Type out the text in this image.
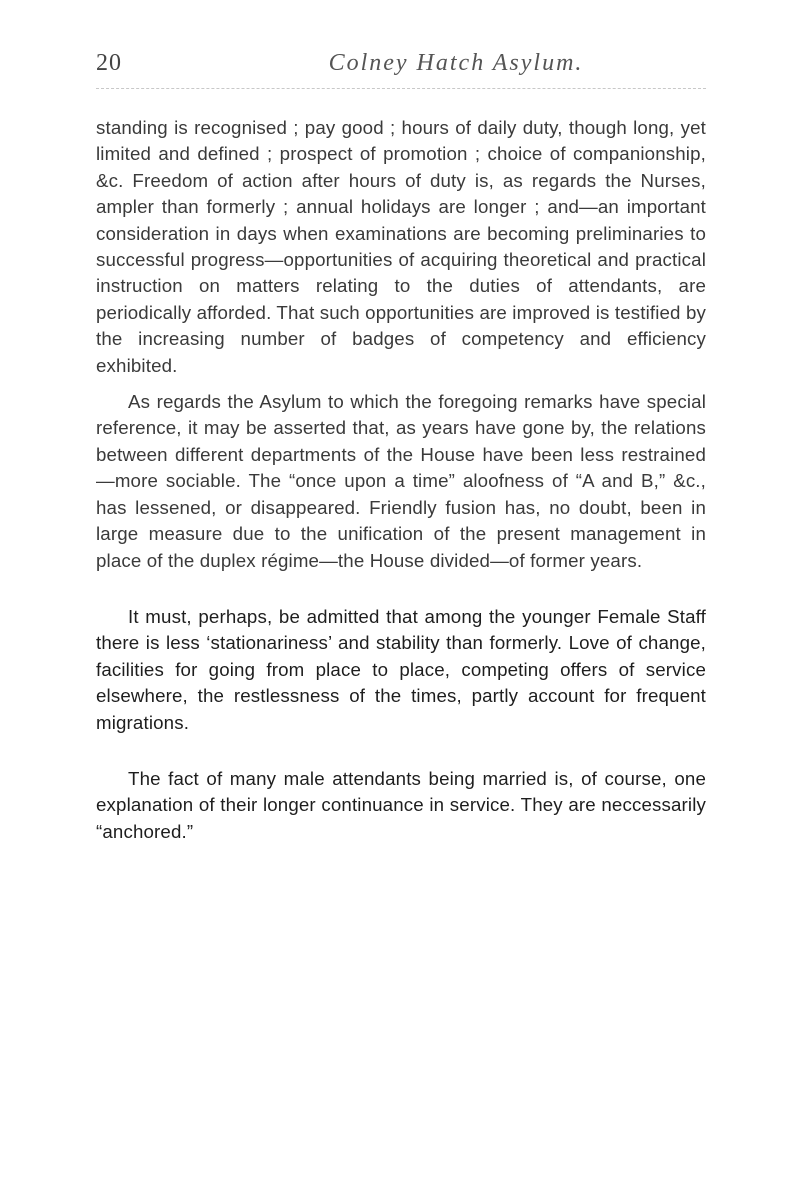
20	Colney Hatch Asylum.

standing is recognised ; pay good ; hours of daily duty, though long, yet limited and defined ; prospect of promotion ; choice of companionship, &c. Freedom of action after hours of duty is, as regards the Nurses, ampler than formerly ; annual holidays are longer ; and—an important consideration in days when examinations are becoming preliminaries to successful progress—opportunities of acquiring theoretical and practical instruction on matters relating to the duties of attendants, are periodically afforded. That such opportunities are improved is testified by the increasing number of badges of competency and efficiency exhibited.

As regards the Asylum to which the foregoing remarks have special reference, it may be asserted that, as years have gone by, the relations between different departments of the House have been less restrained—more sociable. The “once upon a time” aloofness of “A and B,” &c., has lessened, or disappeared. Friendly fusion has, no doubt, been in large measure due to the unification of the present management in place of the duplex régime—the House divided—of former years.

It must, perhaps, be admitted that among the younger Female Staff there is less ‘stationariness’ and stability than formerly. Love of change, facilities for going from place to place, competing offers of service elsewhere, the restlessness of the times, partly account for frequent migrations.

The fact of many male attendants being married is, of course, one explanation of their longer continuance in service. They are neccessarily “anchored.”
